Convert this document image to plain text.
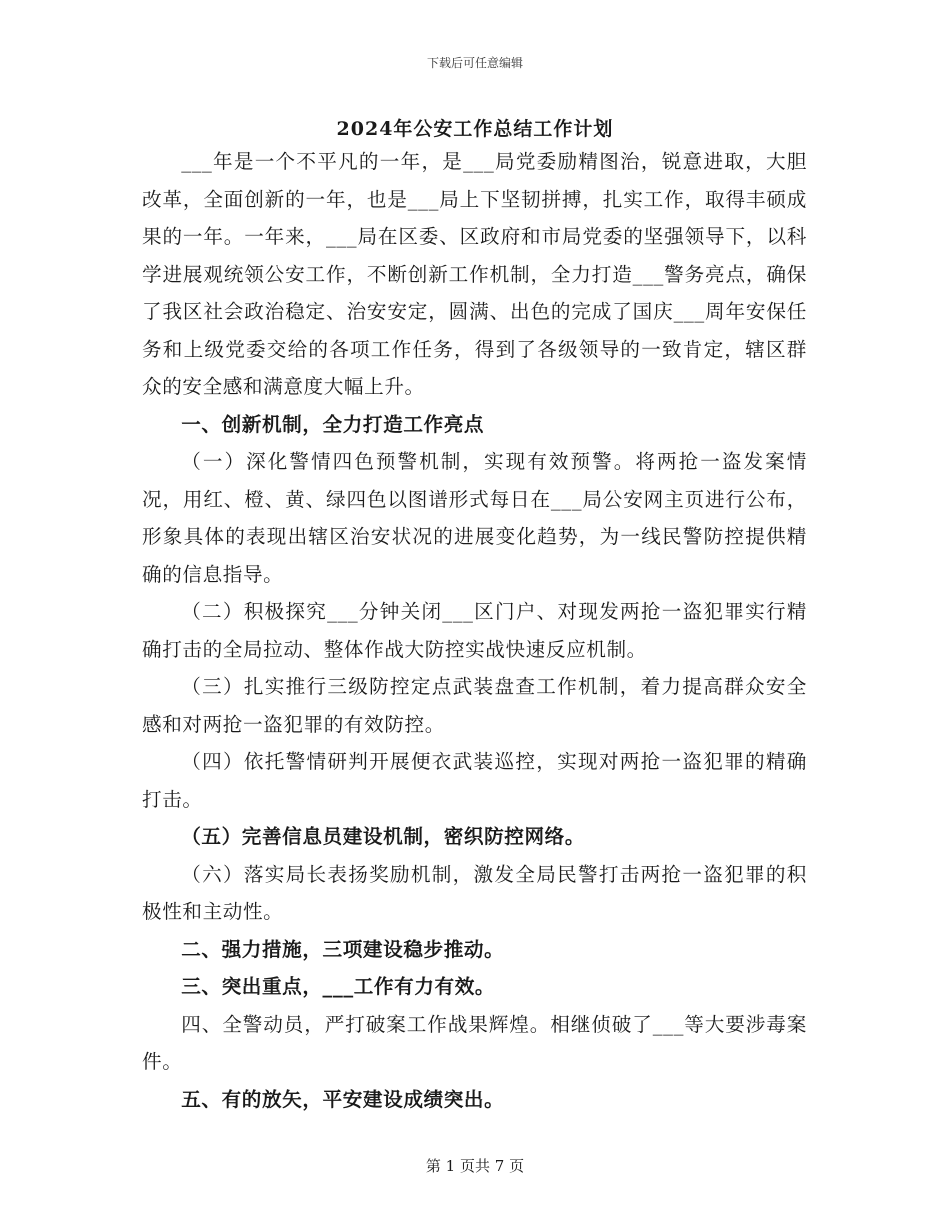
下载后可任意编辑
2024年公安工作总结工作计划

___年是一个不平凡的一年，是___局党委励精图治，锐意进取，大胆改革，全面创新的一年，也是___局上下坚韧拼搏，扎实工作，取得丰硕成果的一年。一年来，___局在区委、区政府和市局党委的坚强领导下，以科学进展观统领公安工作，不断创新工作机制，全力打造___警务亮点，确保了我区社会政治稳定、治安安定，圆满、出色的完成了国庆___周年安保任务和上级党委交给的各项工作任务，得到了各级领导的一致肯定，辖区群众的安全感和满意度大幅上升。

一、创新机制，全力打造工作亮点

（一）深化警情四色预警机制，实现有效预警。将两抢一盗发案情况，用红、橙、黄、绿四色以图谱形式每日在___局公安网主页进行公布，形象具体的表现出辖区治安状况的进展变化趋势，为一线民警防控提供精确的信息指导。

（二）积极探究___分钟关闭___区门户、对现发两抢一盗犯罪实行精确打击的全局拉动、整体作战大防控实战快速反应机制。

（三）扎实推行三级防控定点武装盘查工作机制，着力提高群众安全感和对两抢一盗犯罪的有效防控。

（四）依托警情研判开展便衣武装巡控，实现对两抢一盗犯罪的精确打击。

（五）完善信息员建设机制，密织防控网络。

（六）落实局长表扬奖励机制，激发全局民警打击两抢一盗犯罪的积极性和主动性。

二、强力措施，三项建设稳步推动。

三、突出重点，___工作有力有效。

四、全警动员，严打破案工作战果辉煌。相继侦破了___等大要涉毒案件。

五、有的放矢，平安建设成绩突出。

第 1 页共 7 页
